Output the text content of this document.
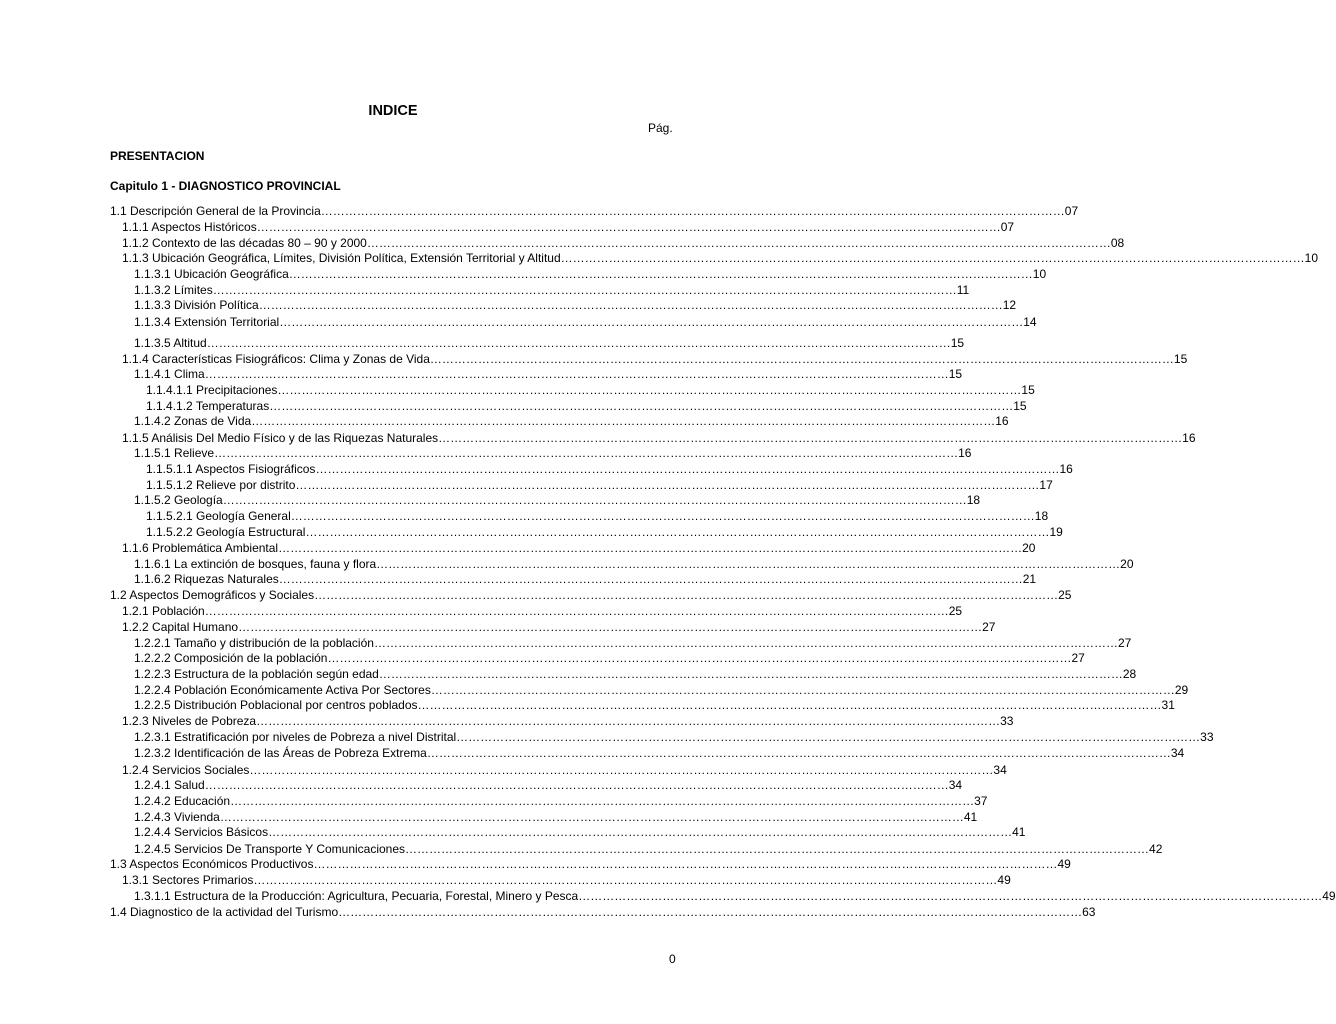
INDICE
Pág.
PRESENTACION
Capitulo 1 - DIAGNOSTICO PROVINCIAL
1.1 Descripción General de la Provincia …………………………………………………………………………………………………………………………………………………………………… 07
1.1.1 Aspectos Históricos …………………………………………………………………………………………………………………………………………………………………… 07
1.1.2 Contexto de las décadas 80 – 90 y 2000 …………………………………………………………………………………………………………………………………………………………………… 08
1.1.3 Ubicación Geográfica, Límites, División Política, Extensión Territorial y Altitud …………………………………………………………………………………………………………………………………………………………………… 10
1.1.3.1 Ubicación Geográfica …………………………………………………………………………………………………………………………………………………………………… 10
1.1.3.2 Límites …………………………………………………………………………………………………………………………………………………………………… 11
1.1.3.3 División Política …………………………………………………………………………………………………………………………………………………………………… 12
1.1.3.4 Extensión Territorial …………………………………………………………………………………………………………………………………………………………………… 14
1.1.3.5 Altitud …………………………………………………………………………………………………………………………………………………………………… 15
1.1.4 Características Fisiográficos: Clima y Zonas de Vida …………………………………………………………………………………………………………………………………………………………………… 15
1.1.4.1 Clima …………………………………………………………………………………………………………………………………………………………………… 15
1.1.4.1.1 Precipitaciones …………………………………………………………………………………………………………………………………………………………………… 15
1.1.4.1.2 Temperaturas …………………………………………………………………………………………………………………………………………………………………… 15
1.1.4.2 Zonas de Vida …………………………………………………………………………………………………………………………………………………………………… 16
1.1.5 Análisis Del Medio Físico y de las Riquezas Naturales …………………………………………………………………………………………………………………………………………………………………… 16
1.1.5.1 Relieve …………………………………………………………………………………………………………………………………………………………………… 16
1.1.5.1.1 Aspectos Fisiográficos …………………………………………………………………………………………………………………………………………………………………… 16
1.1.5.1.2 Relieve por distrito …………………………………………………………………………………………………………………………………………………………………… 17
1.1.5.2 Geología …………………………………………………………………………………………………………………………………………………………………… 18
1.1.5.2.1 Geología General …………………………………………………………………………………………………………………………………………………………………… 18
1.1.5.2.2 Geología Estructural …………………………………………………………………………………………………………………………………………………………………… 19
1.1.6 Problemática Ambiental …………………………………………………………………………………………………………………………………………………………………… 20
1.1.6.1 La extinción de bosques, fauna y flora …………………………………………………………………………………………………………………………………………………………………… 20
1.1.6.2 Riquezas Naturales …………………………………………………………………………………………………………………………………………………………………… 21
1.2 Aspectos Demográficos y Sociales …………………………………………………………………………………………………………………………………………………………………… 25
1.2.1 Población …………………………………………………………………………………………………………………………………………………………………… 25
1.2.2 Capital Humano …………………………………………………………………………………………………………………………………………………………………… 27
1.2.2.1 Tamaño y distribución de la población …………………………………………………………………………………………………………………………………………………………………… 27
1.2.2.2 Composición de la población …………………………………………………………………………………………………………………………………………………………………… 27
1.2.2.3 Estructura de la población según edad …………………………………………………………………………………………………………………………………………………………………… 28
1.2.2.4 Población Económicamente Activa Por Sectores …………………………………………………………………………………………………………………………………………………………………… 29
1.2.2.5 Distribución Poblacional por centros poblados …………………………………………………………………………………………………………………………………………………………………… 31
1.2.3 Niveles de Pobreza …………………………………………………………………………………………………………………………………………………………………… 33
1.2.3.1 Estratificación por niveles de Pobreza a nivel Distrital …………………………………………………………………………………………………………………………………………………………………… 33
1.2.3.2 Identificación de las Áreas de Pobreza Extrema …………………………………………………………………………………………………………………………………………………………………… 34
1.2.4 Servicios Sociales …………………………………………………………………………………………………………………………………………………………………… 34
1.2.4.1 Salud …………………………………………………………………………………………………………………………………………………………………… 34
1.2.4.2 Educación …………………………………………………………………………………………………………………………………………………………………… 37
1.2.4.3 Vivienda …………………………………………………………………………………………………………………………………………………………………… 41
1.2.4.4 Servicios Básicos …………………………………………………………………………………………………………………………………………………………………… 41
1.2.4.5 Servicios De Transporte Y Comunicaciones …………………………………………………………………………………………………………………………………………………………………… 42
1.3 Aspectos Económicos Productivos …………………………………………………………………………………………………………………………………………………………………… 49
1.3.1 Sectores Primarios …………………………………………………………………………………………………………………………………………………………………… 49
1.3.1.1 Estructura de la Producción: Agricultura, Pecuaria, Forestal, Minero y Pesca …………………………………………………………………………………………………………………………………………………………………… 49
1.4 Diagnostico de la actividad del Turismo …………………………………………………………………………………………………………………………………………………………………… 63
0
